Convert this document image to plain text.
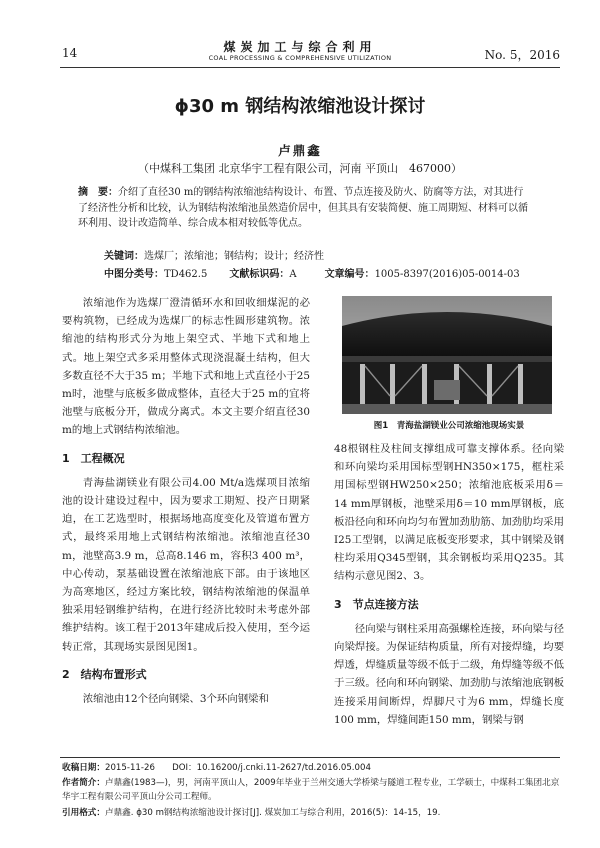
14	煤炭加工与综合利用
COAL PROCESSING & COMPREHENSIVE UTILIZATION	No. 5，2016
ϕ30 m 钢结构浓缩池设计探讨
卢鼎鑫
（中煤科工集团 北京华宇工程有限公司，河南 平顶山　467000）
摘　要：介绍了直径30 m的钢结构浓缩池结构设计、布置、节点连接及防火、防腐等方法，对其进行了经济性分析和比较，认为钢结构浓缩池虽然造价居中，但其具有安装简便、施工周期短、材料可以循环利用、设计改造简单、综合成本相对较低等优点。
关键词：选煤厂；浓缩池；钢结构；设计；经济性
中图分类号：TD462.5 文献标识码：A	文章编号：1005-8397(2016)05-0014-03

浓缩池作为选煤厂澄清循环水和回收细煤泥的必要构筑物，已经成为选煤厂的标志性圆形建筑物。浓缩池的结构形式分为地上架空式、半地下式和地上式。地上架空式多采用整体式现浇混凝土结构，但大多数直径不大于35 m；半地下式和地上式直径小于25 m时，池壁与底板多做成整体，直径大于25 m的宜将池壁与底板分开，做成分离式。本文主要介绍直径30 m的地上式钢结构浓缩池。

1　工程概况

青海盐湖镁业有限公司4.00 Mt/a选煤项目浓缩池的设计建设过程中，因为要求工期短、投产日期紧迫，在工艺选型时，根据场地高度变化及管道布置方式，最终采用地上式钢结构浓缩池。浓缩池直径30 m，池壁高3.9 m，总高8.146 m，容积3 400 m³，中心传动，泵基础设置在浓缩池底下部。由于该地区为高寒地区，经过方案比较，钢结构浓缩池的保温单独采用轻钢维护结构，在进行经济比较时未考虑外部维护结构。该工程于2013年建成后投入使用，至今运转正常，其现场实景图见图1。

2　结构布置形式

浓缩池由12个径向钢梁、3个环向钢梁和

图1　青海盐湖镁业公司浓缩池现场实景

48根钢柱及柱间支撑组成可靠支撑体系。径向梁和环向梁均采用国标型钢HN350×175，框柱采用国标型钢HW250×250；浓缩池底板采用δ＝14 mm厚钢板，池壁采用δ＝10 mm厚钢板，底板沿径向和环向均匀布置加劲肋筋、加劲肋均采用I25工型钢，以满足底板变形要求，其中钢梁及钢柱均采用Q345型钢，其余钢板均采用Q235。其结构示意见图2、3。

3　节点连接方法

径向梁与钢柱采用高强螺栓连接，环向梁与径向梁焊接。为保证结构质量，所有对接焊缝，均要焊透，焊缝质量等级不低于二级，角焊缝等级不低于三级。径向和环向钢梁、加劲肋与浓缩池底钢板连接采用间断焊，焊脚尺寸为6 mm，焊缝长度100 mm，焊缝间距150 mm，钢梁与钢

收稿日期：2015-11-26　　DOI：10.16200/j.cnki.11-2627/td.2016.05.004
作者简介：卢鼎鑫(1983—)，男，河南平顶山人，2009年毕业于兰州交通大学桥梁与隧道工程专业，工学硕士，中煤科工集团北京华宇工程有限公司平顶山分公司工程师。
引用格式：卢鼎鑫. ϕ30 m钢结构浓缩池设计探讨[J]. 煤炭加工与综合利用，2016(5)：14-15，19.
